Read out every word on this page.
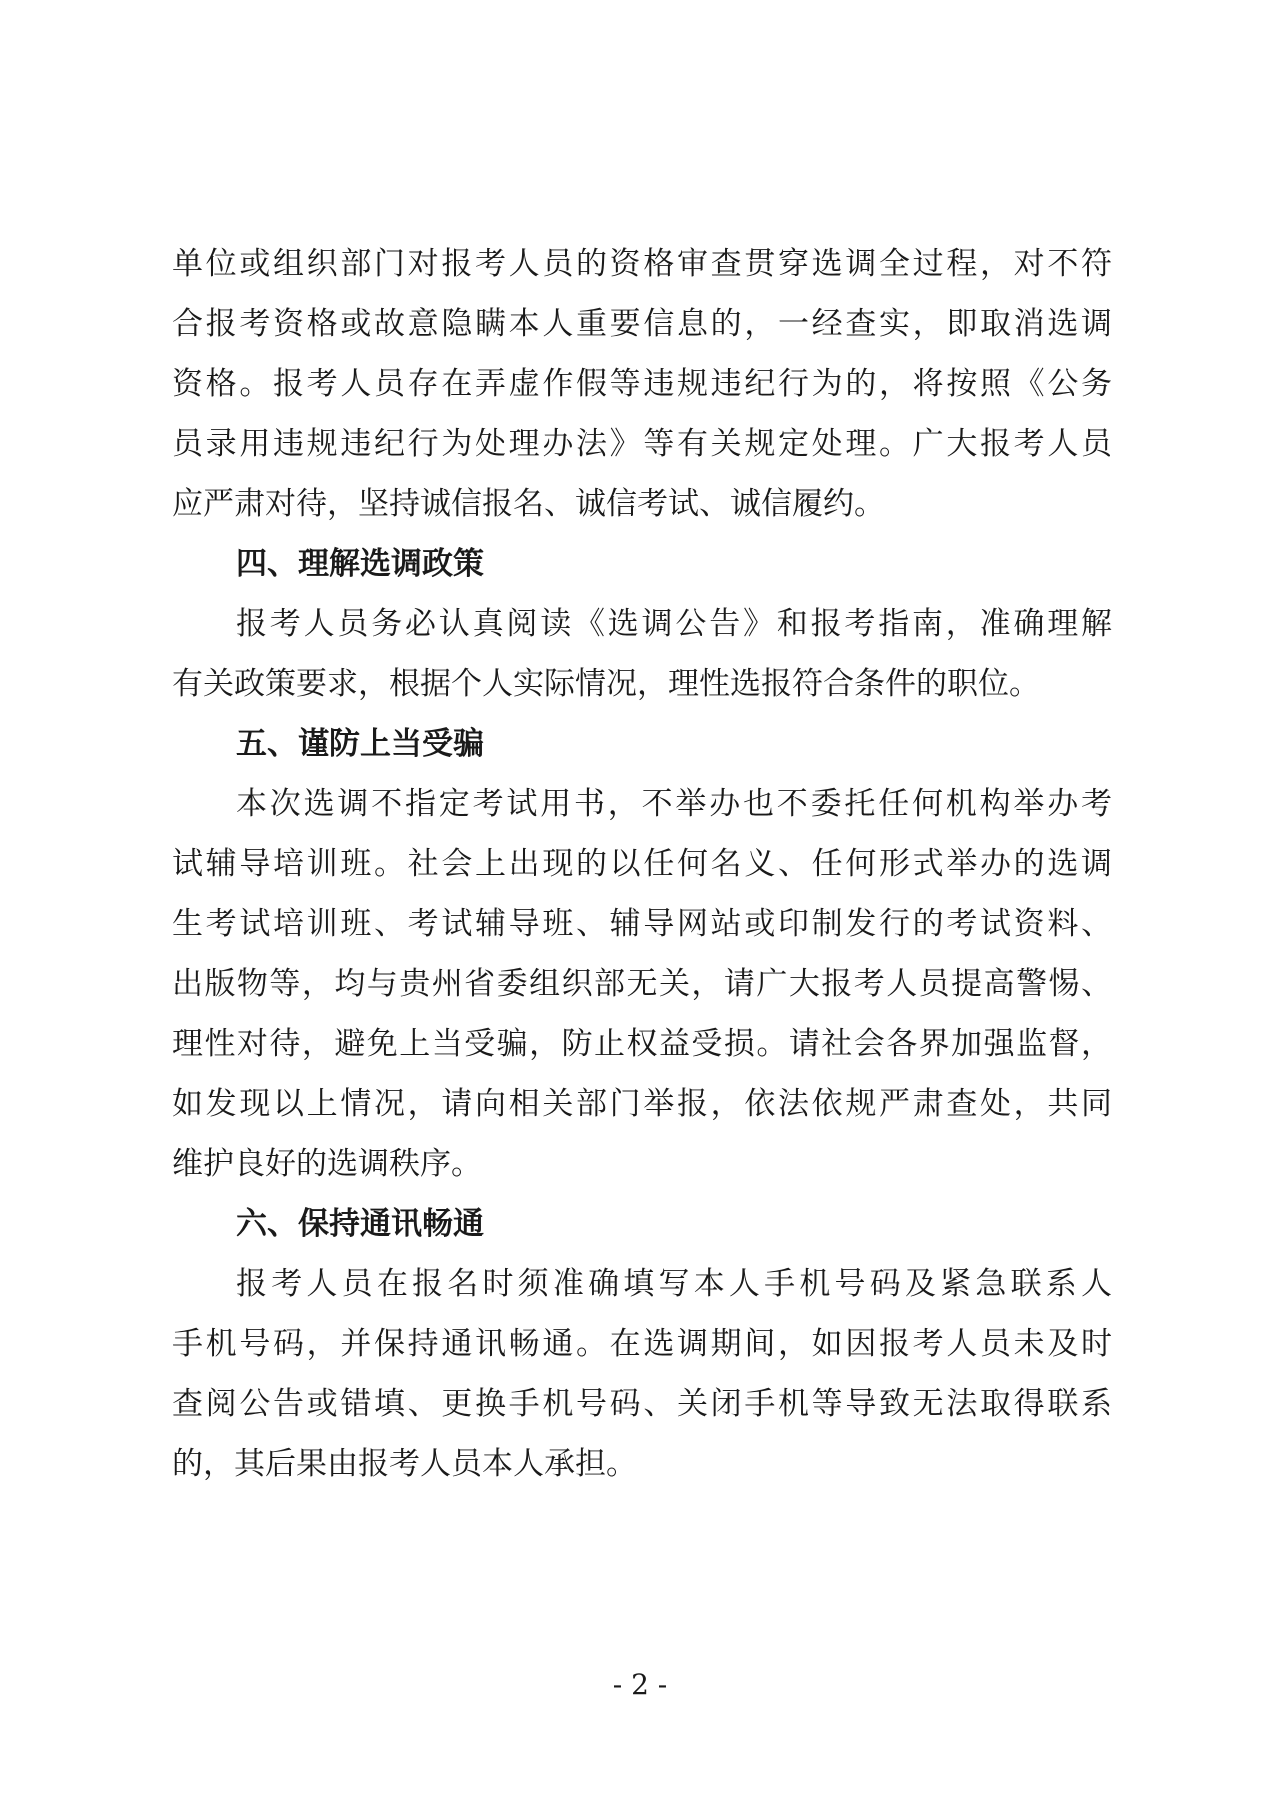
单位或组织部门对报考人员的资格审查贯穿选调全过程，对不符
合报考资格或故意隐瞒本人重要信息的，一经查实，即取消选调
资格。报考人员存在弄虚作假等违规违纪行为的，将按照《公务
员录用违规违纪行为处理办法》等有关规定处理。广大报考人员
应严肃对待，坚持诚信报名、诚信考试、诚信履约。
四、理解选调政策
报考人员务必认真阅读《选调公告》和报考指南，准确理解
有关政策要求，根据个人实际情况，理性选报符合条件的职位。
五、谨防上当受骗
本次选调不指定考试用书，不举办也不委托任何机构举办考
试辅导培训班。社会上出现的以任何名义、任何形式举办的选调
生考试培训班、考试辅导班、辅导网站或印制发行的考试资料、
出版物等，均与贵州省委组织部无关，请广大报考人员提高警惕、
理性对待，避免上当受骗，防止权益受损。请社会各界加强监督，
如发现以上情况，请向相关部门举报，依法依规严肃查处，共同
维护良好的选调秩序。
六、保持通讯畅通
报考人员在报名时须准确填写本人手机号码及紧急联系人
手机号码，并保持通讯畅通。在选调期间，如因报考人员未及时
查阅公告或错填、更换手机号码、关闭手机等导致无法取得联系
的，其后果由报考人员本人承担。
- 2 -
